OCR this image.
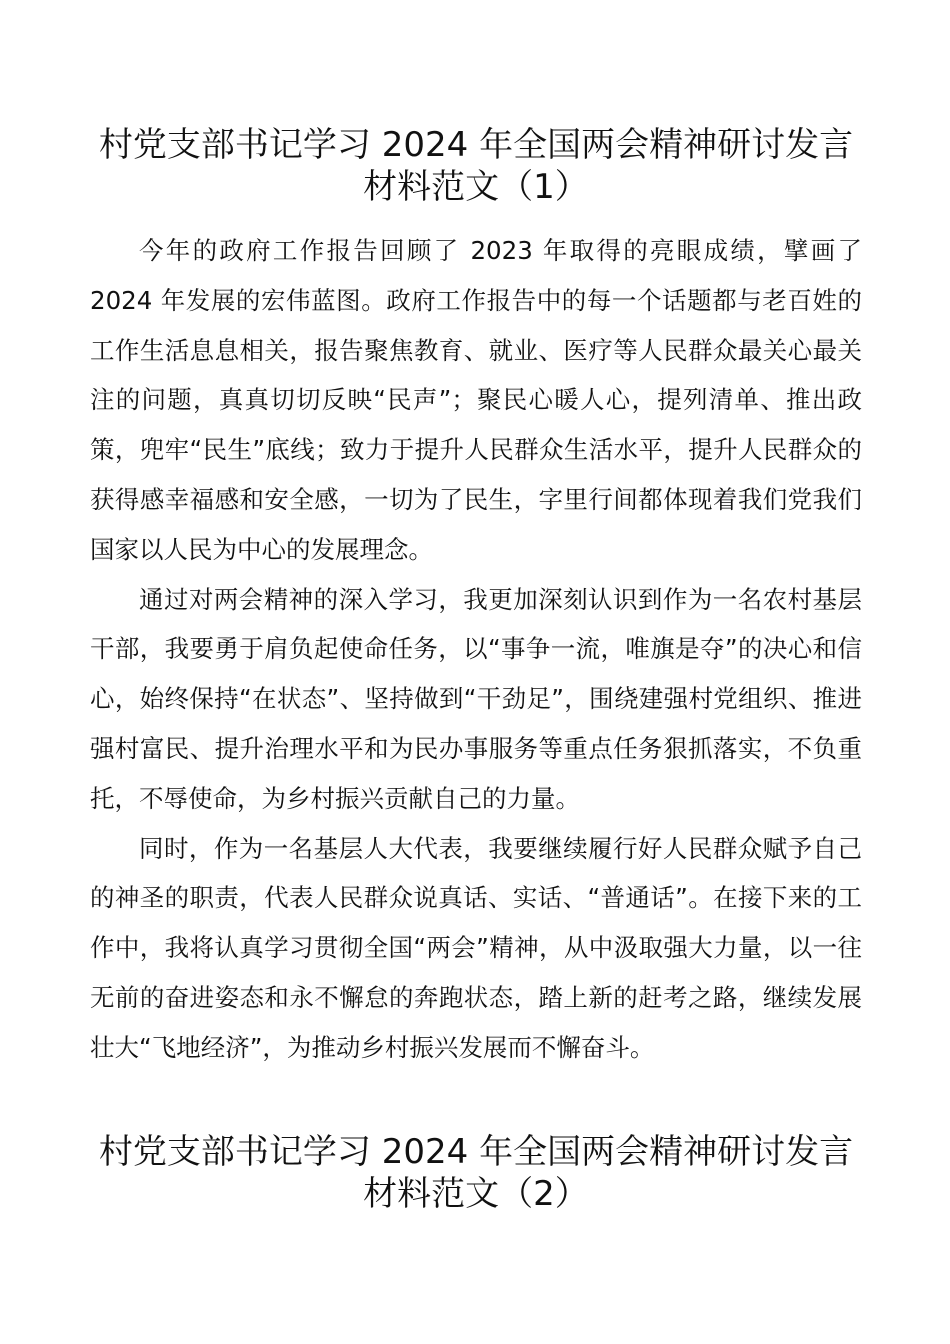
村党支部书记学习 2024 年全国两会精神研讨发言
材料范文（1）

今年的政府工作报告回顾了 2023 年取得的亮眼成绩，擘画了 2024 年发展的宏伟蓝图。政府工作报告中的每一个话题都与老百姓的工作生活息息相关，报告聚焦教育、就业、医疗等人民群众最关心最关注的问题，真真切切反映“民声”；聚民心暖人心，提列清单、推出政策，兜牢“民生”底线；致力于提升人民群众生活水平，提升人民群众的获得感幸福感和安全感，一切为了民生，字里行间都体现着我们党我们国家以人民为中心的发展理念。

通过对两会精神的深入学习，我更加深刻认识到作为一名农村基层干部，我要勇于肩负起使命任务，以“事争一流，唯旗是夺”的决心和信心，始终保持“在状态”、坚持做到“干劲足”，围绕建强村党组织、推进强村富民、提升治理水平和为民办事服务等重点任务狠抓落实，不负重托，不辱使命，为乡村振兴贡献自己的力量。

同时，作为一名基层人大代表，我要继续履行好人民群众赋予自己的神圣的职责，代表人民群众说真话、实话、“普通话”。在接下来的工作中，我将认真学习贯彻全国“两会”精神，从中汲取强大力量，以一往无前的奋进姿态和永不懈怠的奔跑状态，踏上新的赶考之路，继续发展壮大“飞地经济”，为推动乡村振兴发展而不懈奋斗。

村党支部书记学习 2024 年全国两会精神研讨发言
材料范文（2）
